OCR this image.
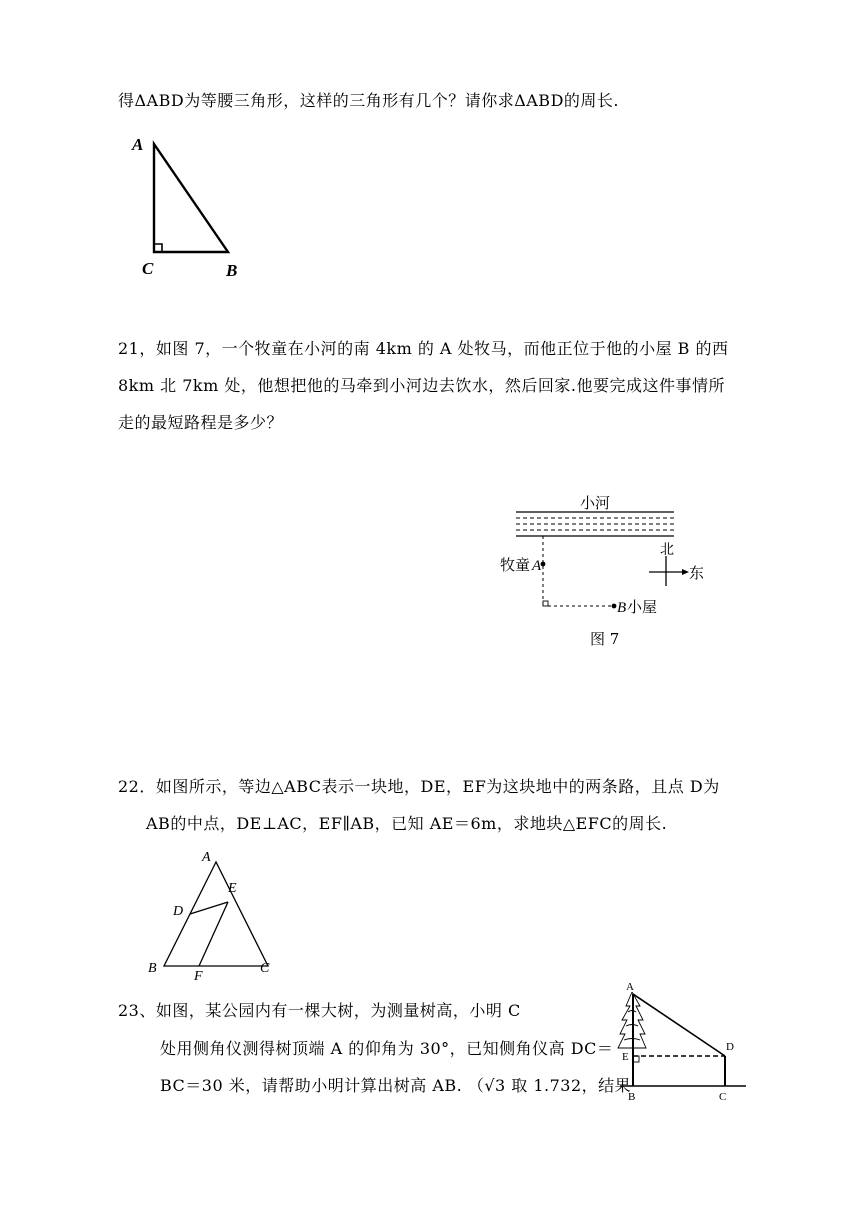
得ΔABD为等腰三角形，这样的三角形有几个？请你求ΔABD的周长.
A
C	B
21，如图 7，一个牧童在小河的南 4km 的 A 处牧马，而他正位于他的小屋 B 的西
8km 北 7km 处，他想把他的马牵到小河边去饮水，然后回家.他要完成这件事情所
走的最短路程是多少？
小河
牧童 A
B 小屋
北
东
图 7
22．如图所示，等边△ABC表示一块地，DE，EF为这块地中的两条路，且点 D为
AB的中点，DE⊥AC，EF∥AB，已知 AE＝6m，求地块△EFC的周长.
A
E
D
B
F
C
23、如图，某公园内有一棵大树，为测量树高，小明 C
处用侧角仪测得树顶端 A 的仰角为 30°，已知侧角仪高 DC＝
BC＝30 米，请帮助小明计算出树高 AB. （√3 取 1.732，结果
A
E
D
B	C
